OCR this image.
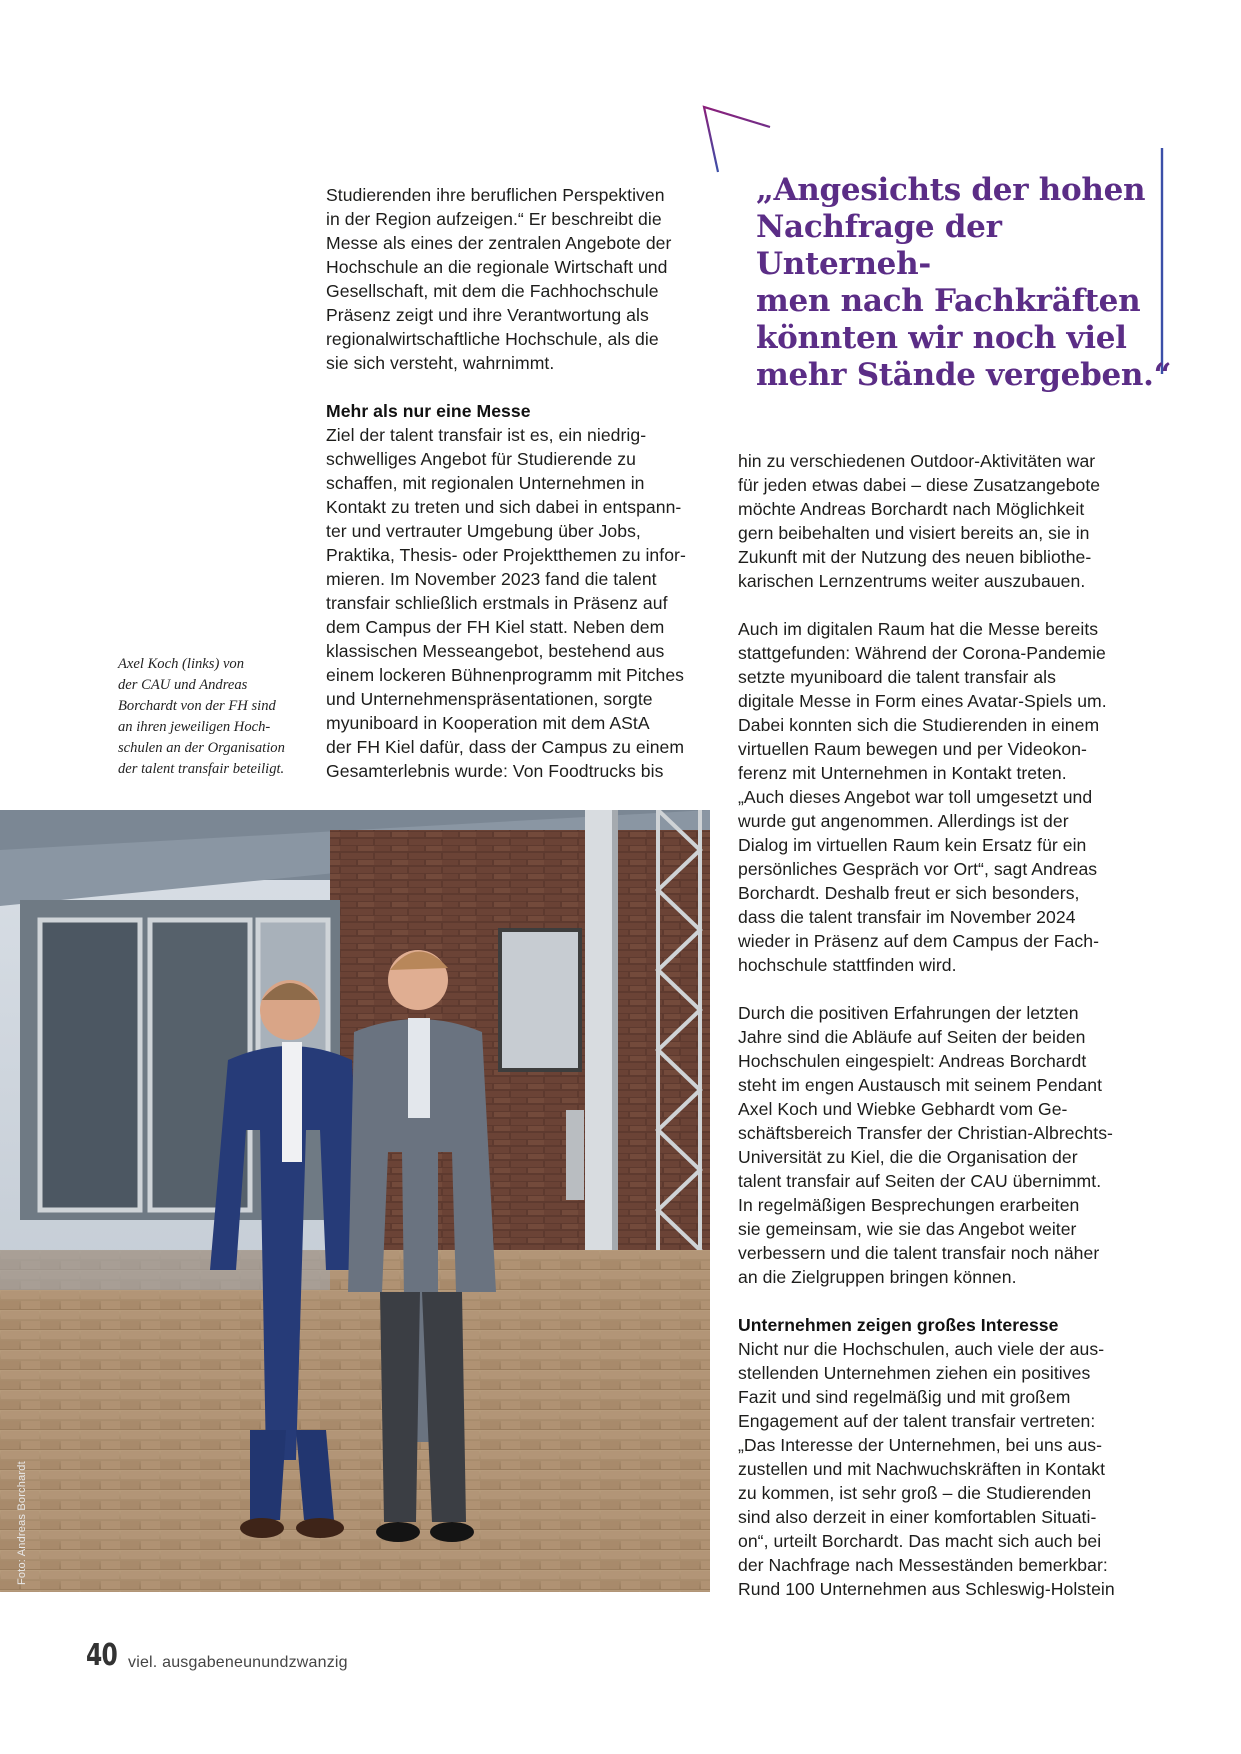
„Angesichts der hohen
Nachfrage der Unterneh-
men nach Fachkräften
könnten wir noch viel
mehr Stände vergeben.“

Studierenden ihre beruflichen Perspektiven
in der Region aufzeigen.“ Er beschreibt die
Messe als eines der zentralen Angebote der
Hochschule an die regionale Wirtschaft und
Gesellschaft, mit dem die Fachhochschule
Präsenz zeigt und ihre Verantwortung als
regionalwirtschaftliche Hochschule, als die
sie sich versteht, wahrnimmt.

Mehr als nur eine Messe

Ziel der talent transfair ist es, ein niedrig-
schwelliges Angebot für Studierende zu
schaffen, mit regionalen Unternehmen in
Kontakt zu treten und sich dabei in entspann-
ter und vertrauter Umgebung über Jobs,
Praktika, Thesis- oder Projektthemen zu infor-
mieren. Im November 2023 fand die talent
transfair schließlich erstmals in Präsenz auf
dem Campus der FH Kiel statt. Neben dem
klassischen Messeangebot, bestehend aus
einem lockeren Bühnenprogramm mit Pitches
und Unternehmenspräsentationen, sorgte
myuniboard in Kooperation mit dem AStA
der FH Kiel dafür, dass der Campus zu einem
Gesamterlebnis wurde: Von Foodtrucks bis

hin zu verschiedenen Outdoor-Aktivitäten war
für jeden etwas dabei – diese Zusatzangebote
möchte Andreas Borchardt nach Möglichkeit
gern beibehalten und visiert bereits an, sie in
Zukunft mit der Nutzung des neuen bibliothe-
karischen Lernzentrums weiter auszubauen.

Auch im digitalen Raum hat die Messe bereits
stattgefunden: Während der Corona-Pandemie
setzte myuniboard die talent transfair als
digitale Messe in Form eines Avatar-Spiels um.
Dabei konnten sich die Studierenden in einem
virtuellen Raum bewegen und per Videokon-
ferenz mit Unternehmen in Kontakt treten.
„Auch dieses Angebot war toll umgesetzt und
wurde gut angenommen. Allerdings ist der
Dialog im virtuellen Raum kein Ersatz für ein
persönliches Gespräch vor Ort“, sagt Andreas
Borchardt. Deshalb freut er sich besonders,
dass die talent transfair im November 2024
wieder in Präsenz auf dem Campus der Fach-
hochschule stattfinden wird.

Durch die positiven Erfahrungen der letzten
Jahre sind die Abläufe auf Seiten der beiden
Hochschulen eingespielt: Andreas Borchardt
steht im engen Austausch mit seinem Pendant
Axel Koch und Wiebke Gebhardt vom Ge-
schäftsbereich Transfer der Christian-Albrechts-
Universität zu Kiel, die die Organisation der
talent transfair auf Seiten der CAU übernimmt.
In regelmäßigen Besprechungen erarbeiten
sie gemeinsam, wie sie das Angebot weiter
verbessern und die talent transfair noch näher
an die Zielgruppen bringen können.

Unternehmen zeigen großes Interesse

Nicht nur die Hochschulen, auch viele der aus-
stellenden Unternehmen ziehen ein positives
Fazit und sind regelmäßig und mit großem
Engagement auf der talent transfair vertreten:
„Das Interesse der Unternehmen, bei uns aus-
zustellen und mit Nachwuchskräften in Kontakt
zu kommen, ist sehr groß – die Studierenden
sind also derzeit in einer komfortablen Situati-
on“, urteilt Borchardt. Das macht sich auch bei
der Nachfrage nach Messeständen bemerkbar:
Rund 100 Unternehmen aus Schleswig-Holstein

Axel Koch (links) von
der CAU und Andreas
Borchardt von der FH sind
an ihren jeweiligen Hoch-
schulen an der Organisation
der talent transfair beteiligt.
Foto: Andreas Borchardt
40 viel. ausgabeneunundzwanzig
